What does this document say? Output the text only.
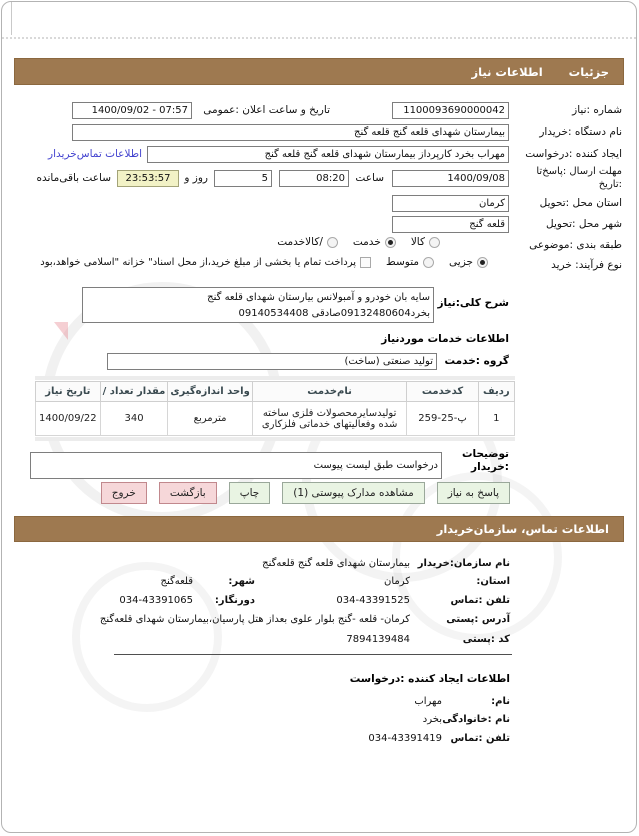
جزئیات
اطلاعات نیاز
شماره :نیاز
1100093690000042
تاریخ و ساعت اعلان :عمومی
1400/09/02 - 07:57
نام دستگاه :خریدار
بیمارستان شهدای قلعه گنج قلعه گنج
ایجاد کننده :درخواست
مهراب بخرد کارپرداز بیمارستان شهدای قلعه گنج قلعه گنج
اطلاعات تماس‌خریدار
مهلت ارسال :پاسخ‌تا
:تاریخ
1400/09/08
ساعت
08:20
5
روز و
23:53:57
ساعت باقی‌مانده
استان محل :تحویل
کرمان
شهر محل :تحویل
قلعه گنج
طبقه بندی :موضوعی
کالا
خدمت
/کالاخدمت
نوع فرآیند: خرید
جزیی
متوسط
پرداخت تمام یا بخشی از مبلغ خرید،از محل اسناد" خزانه "اسلامی خواهد،بود
شرح کلی:نیاز
سایه بان خودرو و آمبولانس بیارستان شهدای قلعه گنج
بخرد09132480604صادقی 09140534408
اطلاعات خدمات موردنیاز
گروه :خدمت
تولید صنعتی (ساخت)
ردیف	کدخدمت	نام‌خدمت	واحد اندازه‌گیری	مقدار تعداد /	تاریخ نیاز
1	259-25-پ	تولیدسایرمحصولات فلزی ساخته شده وفعالیتهای خدماتی فلزکاری	مترمربع	340	1400/09/22
توضیحات
:خریدار
درخواست طبق لیست پیوست
پاسخ به نیاز
مشاهده مدارک پیوستی (1)
چاپ
بازگشت
خروج
اطلاعات تماس، سازمان‌خریدار
نام سازمان:خریدار
بیمارستان شهدای قلعه گنج قلعه‌گنج
استان:
کرمان
شهر:
قلعه‌گنج
تلفن :تماس
034-43391525
دورنگار:
034-43391065
آدرس :پستی
کرمان- قلعه -گنج بلوار علوی بعداز هتل پارسیان،بیمارستان شهدای قلعه‌گنج
کد :پستی
7894139484
اطلاعات ایجاد کننده :درخواست
نام:
مهراب
نام :خانوادگی
بخرد
تلفن :تماس
034-43391419
